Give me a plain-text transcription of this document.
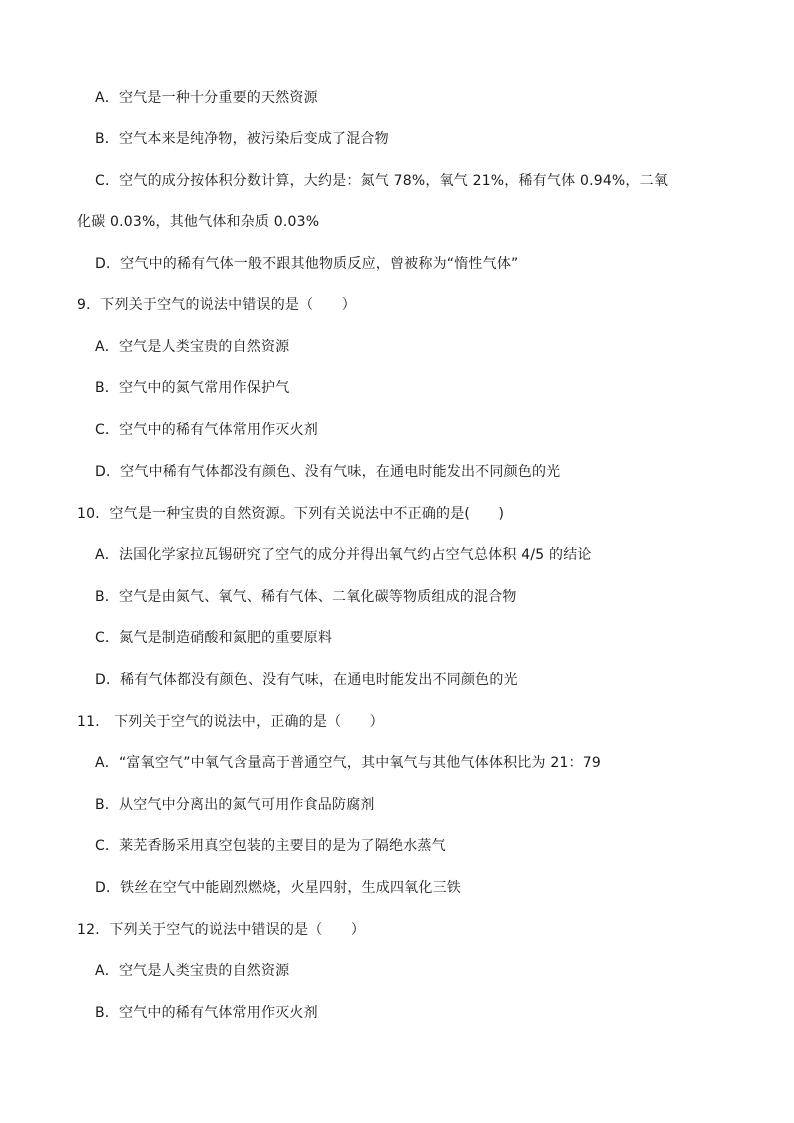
A．空气是一种十分重要的天然资源
B．空气本来是纯净物，被污染后变成了混合物
C．空气的成分按体积分数计算，大约是：氮气 78%，氧气 21%，稀有气体 0.94%，二氧
化碳 0.03%，其他气体和杂质 0.03%
D．空气中的稀有气体一般不跟其他物质反应，曾被称为“惰性气体”
9．下列关于空气的说法中错误的是（　　）
A．空气是人类宝贵的自然资源
B．空气中的氮气常用作保护气
C．空气中的稀有气体常用作灭火剂
D．空气中稀有气体都没有颜色、没有气味，在通电时能发出不同颜色的光
10．空气是一种宝贵的自然资源。下列有关说法中不正确的是(　　)
A．法国化学家拉瓦锡研究了空气的成分并得出氧气约占空气总体积 4/5 的结论
B．空气是由氮气、氧气、稀有气体、二氧化碳等物质组成的混合物
C．氮气是制造硝酸和氮肥的重要原料
D．稀有气体都没有颜色、没有气味，在通电时能发出不同颜色的光
11． 下列关于空气的说法中，正确的是（　　）
A．“富氧空气”中氧气含量高于普通空气，其中氧气与其他气体体积比为 21：79
B．从空气中分离出的氮气可用作食品防腐剂
C．莱芜香肠采用真空包装的主要目的是为了隔绝水蒸气
D．铁丝在空气中能剧烈燃烧，火星四射，生成四氧化三铁
12．下列关于空气的说法中错误的是（　　）
A．空气是人类宝贵的自然资源
B．空气中的稀有气体常用作灭火剂
